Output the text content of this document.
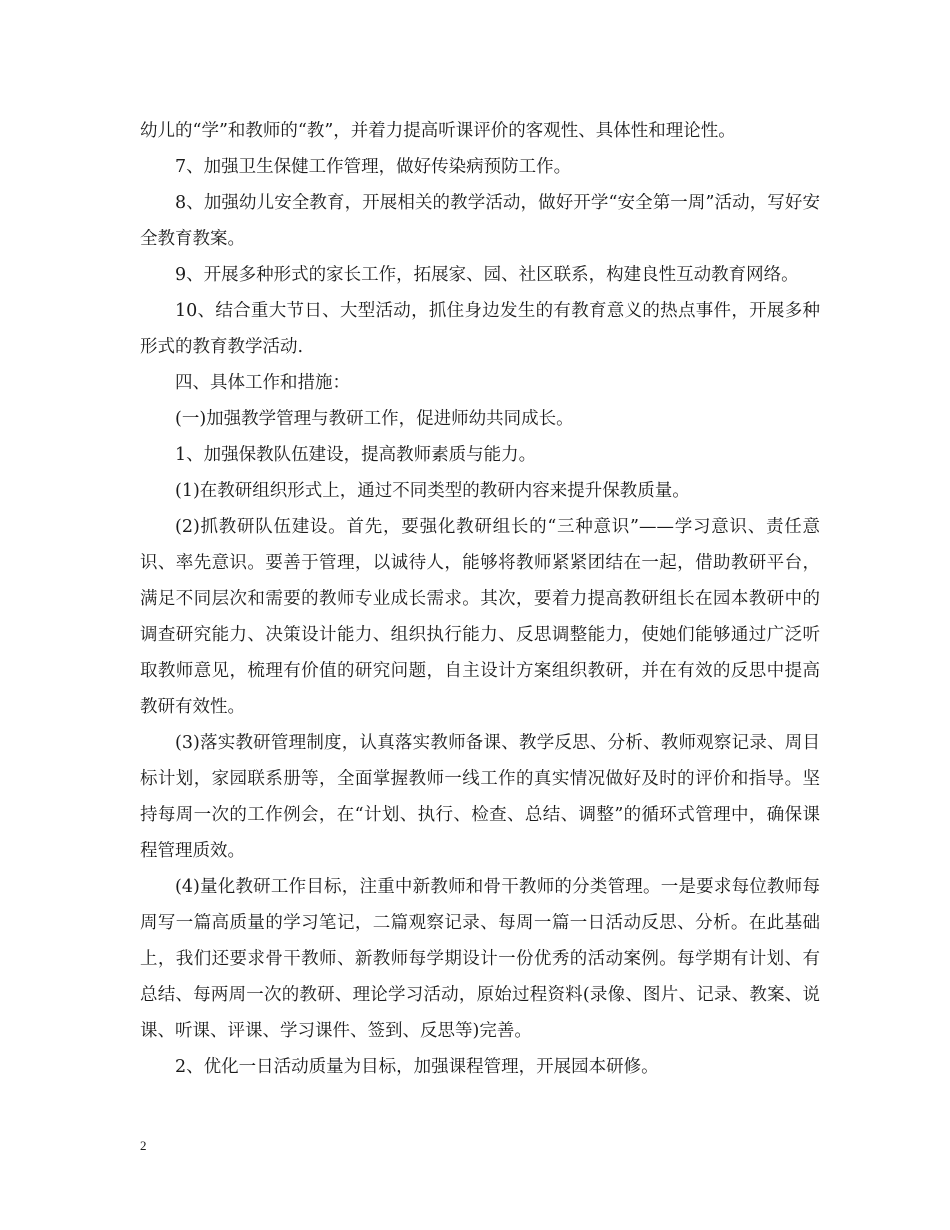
幼儿的“学”和教师的“教”，并着力提高听课评价的客观性、具体性和理论性。

7、加强卫生保健工作管理，做好传染病预防工作。

8、加强幼儿安全教育，开展相关的教学活动，做好开学“安全第一周”活动，写好安全教育教案。

9、开展多种形式的家长工作，拓展家、园、社区联系，构建良性互动教育网络。

10、结合重大节日、大型活动，抓住身边发生的有教育意义的热点事件，开展多种形式的教育教学活动.

四、具体工作和措施：

(一)加强教学管理与教研工作，促进师幼共同成长。

1、加强保教队伍建设，提高教师素质与能力。

(1)在教研组织形式上，通过不同类型的教研内容来提升保教质量。

(2)抓教研队伍建设。首先，要强化教研组长的“三种意识”——学习意识、责任意识、率先意识。要善于管理，以诚待人，能够将教师紧紧团结在一起，借助教研平台，满足不同层次和需要的教师专业成长需求。其次，要着力提高教研组长在园本教研中的调查研究能力、决策设计能力、组织执行能力、反思调整能力，使她们能够通过广泛听取教师意见，梳理有价值的研究问题，自主设计方案组织教研，并在有效的反思中提高教研有效性。

(3)落实教研管理制度，认真落实教师备课、教学反思、分析、教师观察记录、周目标计划，家园联系册等，全面掌握教师一线工作的真实情况做好及时的评价和指导。坚持每周一次的工作例会，在“计划、执行、检查、总结、调整”的循环式管理中，确保课程管理质效。

(4)量化教研工作目标，注重中新教师和骨干教师的分类管理。一是要求每位教师每周写一篇高质量的学习笔记，二篇观察记录、每周一篇一日活动反思、分析。在此基础上，我们还要求骨干教师、新教师每学期设计一份优秀的活动案例。每学期有计划、有总结、每两周一次的教研、理论学习活动，原始过程资料(录像、图片、记录、教案、说课、听课、评课、学习课件、签到、反思等)完善。

2、优化一日活动质量为目标，加强课程管理，开展园本研修。

2
